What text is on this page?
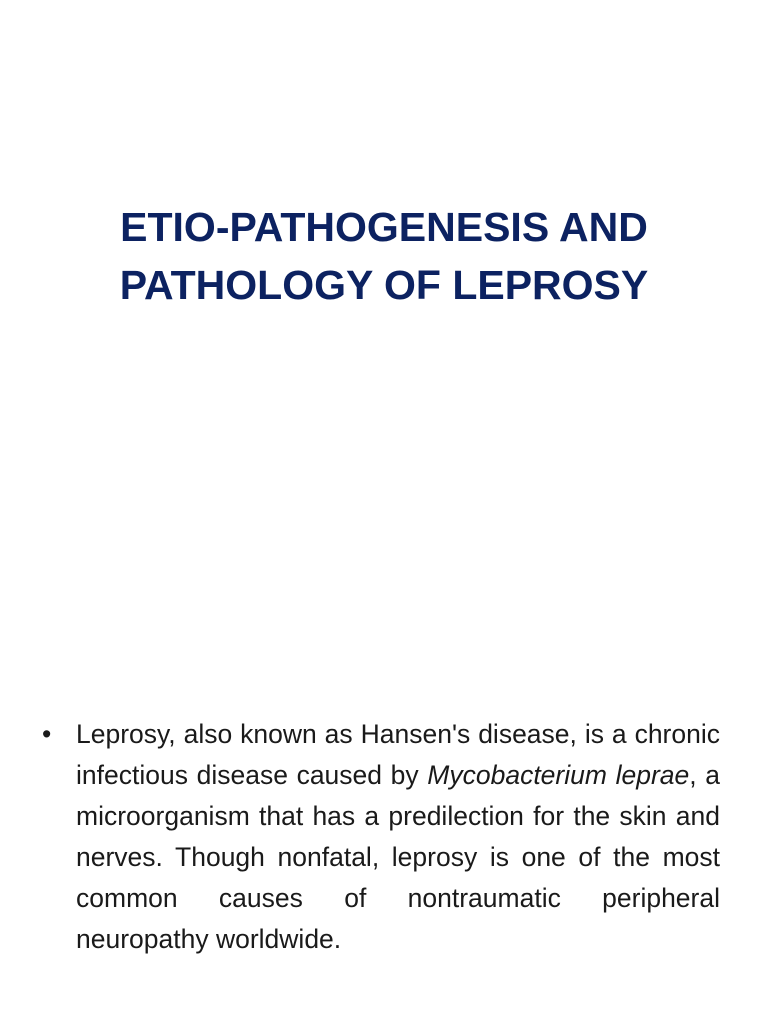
ETIO-PATHOGENESIS AND
PATHOLOGY OF LEPROSY
• Leprosy, also known as Hansen's disease, is a chronic infectious disease caused by Mycobacterium leprae, a microorganism that has a predilection for the skin and nerves. Though nonfatal, leprosy is one of the most common causes of nontraumatic peripheral neuropathy worldwide.
